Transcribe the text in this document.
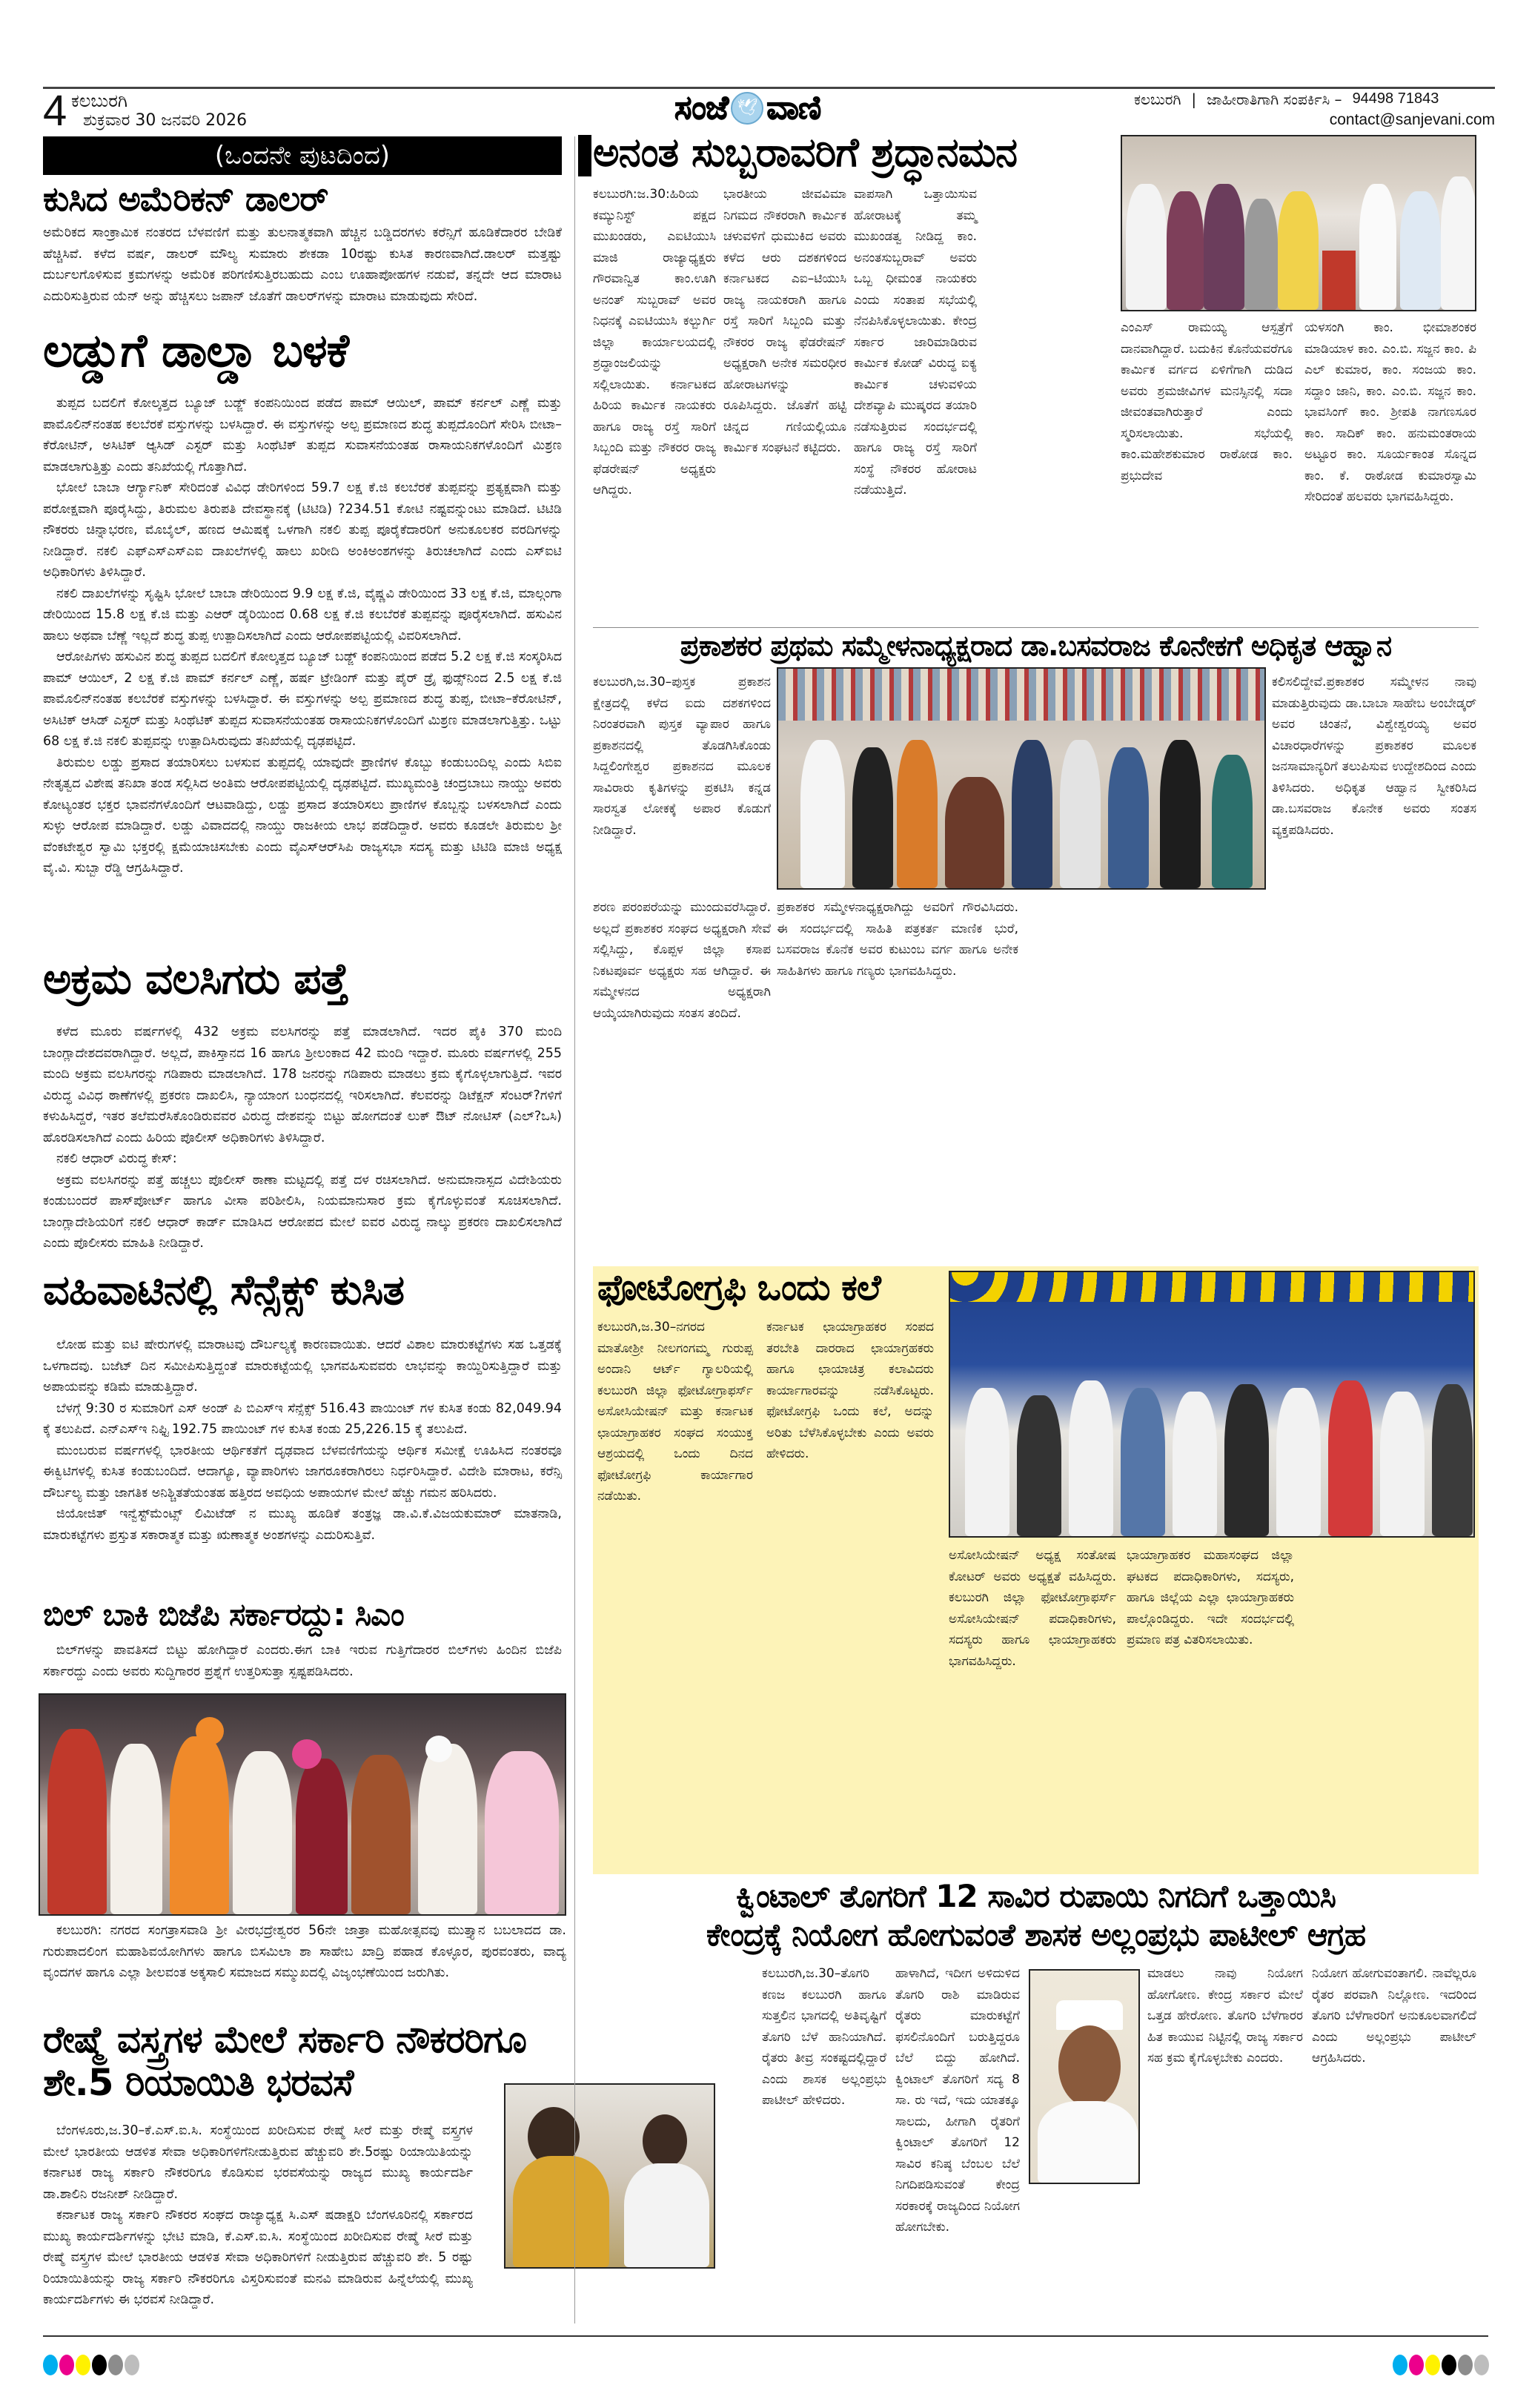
4 ಕಲಬುರಗಿ
ಶುಕ್ರವಾರ 30 ಜನವರಿ 2026	ಸಂಜೆ 🕊 ವಾಣಿ	ಕಲಬುರಗಿ | ಜಾಹೀರಾತಿಗಾಗಿ ಸಂಪರ್ಕಿಸಿ – 94498 71843
contact@sanjevani.com
(ಒಂದನೇ ಪುಟದಿಂದ)
ಕುಸಿದ ಅಮೆರಿಕನ್ ಡಾಲರ್

ಅಮೆರಿಕದ ಸಾಂಕ್ರಾಮಿಕ ನಂತರದ ಬೆಳವಣಿಗೆ ಮತ್ತು ತುಲನಾತ್ಮಕವಾಗಿ ಹೆಚ್ಚಿನ ಬಡ್ಡಿದರಗಳು ಕರೆನ್ಸಿಗೆ ಹೂಡಿಕೆದಾರರ ಬೇಡಿಕೆ ಹೆಚ್ಚಿಸಿವೆ. ಕಳೆದ ವರ್ಷ, ಡಾಲರ್ ಮೌಲ್ಯ ಸುಮಾರು ಶೇಕಡಾ 10ರಷ್ಟು ಕುಸಿತ ಕಾರಣವಾಗಿದೆ.ಡಾಲರ್ ಮತ್ತಷ್ಟು ದುರ್ಬಲಗೊಳಿಸುವ ಕ್ರಮಗಳನ್ನು ಅಮೆರಿಕ ಪರಿಗಣಿಸುತ್ತಿರಬಹುದು ಎಂಬ ಊಹಾಪೋಹಗಳ ನಡುವೆ, ತನ್ನದೇ ಆದ ಮಾರಾಟ ಎದುರಿಸುತ್ತಿರುವ ಯೆನ್ ಅನ್ನು ಹೆಚ್ಚಿಸಲು ಜಪಾನ್ ಜೊತೆಗೆ ಡಾಲರ್‌ಗಳನ್ನು ಮಾರಾಟ ಮಾಡುವುದು ಸೇರಿದೆ.

ಲಡ್ಡುಗೆ ಡಾಲ್ಡಾ ಬಳಕೆ

ತುಪ್ಪದ ಬದಲಿಗೆ ಕೋಲ್ಕತ್ತದ ಬ್ಯೂಜ್ ಬಡ್ಜ್ ಕಂಪನಿಯಿಂದ ಪಡೆದ ಪಾಮ್ ಆಯಿಲ್, ಪಾಮ್ ಕರ್ನಲ್ ಎಣ್ಣೆ ಮತ್ತು ಪಾಮೊಲಿನ್‌ನಂತಹ ಕಲಬೆರಕೆ ವಸ್ತುಗಳನ್ನು ಬಳಸಿದ್ದಾರೆ. ಈ ವಸ್ತುಗಳನ್ನು ಅಲ್ಪ ಪ್ರಮಾಣದ ಶುದ್ಧ ತುಪ್ಪದೊಂದಿಗೆ ಸೇರಿಸಿ ಬೀಟಾ–ಕೆರೋಟಿನ್, ಅಸಿಟಿಕ್ ಆ್ಯಸಿಡ್ ಎಸ್ಟರ್ ಮತ್ತು ಸಿಂಥೆಟಿಕ್ ತುಪ್ಪದ ಸುವಾಸನೆಯಂತಹ ರಾಸಾಯನಿಕಗಳೊಂದಿಗೆ ಮಿಶ್ರಣ ಮಾಡಲಾಗುತ್ತಿತ್ತು ಎಂದು ತನಿಖೆಯಲ್ಲಿ ಗೊತ್ತಾಗಿದೆ.

ಭೋಲೆ ಬಾಬಾ ಆರ್ಗ್ಯಾನಿಕ್ ಸೇರಿದಂತೆ ವಿವಿಧ ಡೇರಿಗಳಿಂದ 59.7 ಲಕ್ಷ ಕೆ.ಜಿ ಕಲಬೆರಕೆ ತುಪ್ಪವನ್ನು ಪ್ರತ್ಯಕ್ಷವಾಗಿ ಮತ್ತು ಪರೋಕ್ಷವಾಗಿ ಪೂರೈಸಿದ್ದು, ತಿರುಮಲ ತಿರುಪತಿ ದೇವಸ್ಥಾನಕ್ಕೆ (ಟಿಟಿಡಿ) ?234.51 ಕೋಟಿ ನಷ್ಟವನ್ನುಂಟು ಮಾಡಿದೆ. ಟಿಟಿಡಿ ನೌಕರರು ಚಿನ್ನಾಭರಣ, ಮೊಬೈಲ್, ಹಣದ ಆಮಿಷಕ್ಕೆ ಒಳಗಾಗಿ ನಕಲಿ ತುಪ್ಪ ಪೂರೈಕೆದಾರರಿಗೆ ಅನುಕೂಲಕರ ವರದಿಗಳನ್ನು ನೀಡಿದ್ದಾರೆ. ನಕಲಿ ಎಫ್‌ಎಸ್‌ಎಸ್‌ಎಐ ದಾಖಲೆಗಳಲ್ಲಿ ಹಾಲು ಖರೀದಿ ಅಂಕಿಅಂಶಗಳನ್ನು ತಿರುಚಲಾಗಿದೆ ಎಂದು ಎಸ್‌ಐಟಿ ಅಧಿಕಾರಿಗಳು ತಿಳಿಸಿದ್ದಾರೆ.

ನಕಲಿ ದಾಖಲೆಗಳನ್ನು ಸೃಷ್ಟಿಸಿ ಭೋಲೆ ಬಾಬಾ ಡೇರಿಯಿಂದ 9.9 ಲಕ್ಷ ಕೆ.ಜಿ, ವೈಷ್ಣವಿ ಡೇರಿಯಿಂದ 33 ಲಕ್ಷ ಕೆ.ಜಿ, ಮಾಲ್ಗಂಗಾ ಡೇರಿಯಿಂದ 15.8 ಲಕ್ಷ ಕೆ.ಜಿ ಮತ್ತು ಎಆರ್ ಡೈರಿಯಿಂದ 0.68 ಲಕ್ಷ ಕೆ.ಜಿ ಕಲಬೆರಕೆ ತುಪ್ಪವನ್ನು ಪೂರೈಸಲಾಗಿದೆ. ಹಸುವಿನ ಹಾಲು ಅಥವಾ ಬೆಣ್ಣೆ ಇಲ್ಲದೆ ಶುದ್ಧ ತುಪ್ಪ ಉತ್ಪಾದಿಸಲಾಗಿದೆ ಎಂದು ಆರೋಪಪಟ್ಟಿಯಲ್ಲಿ ವಿವರಿಸಲಾಗಿದೆ.

ಆರೋಪಿಗಳು ಹಸುವಿನ ಶುದ್ಧ ತುಪ್ಪದ ಬದಲಿಗೆ ಕೋಲ್ಕತ್ತದ ಬ್ಯೂಜ್ ಬಡ್ಜ್ ಕಂಪನಿಯಿಂದ ಪಡೆದ 5.2 ಲಕ್ಷ ಕೆ.ಜಿ ಸಂಸ್ಕರಿಸಿದ ಪಾಮ್ ಆಯಿಲ್, 2 ಲಕ್ಷ ಕೆ.ಜಿ ಪಾಮ್ ಕರ್ನಲ್ ಎಣ್ಣೆ, ಹರ್ಷ ಟ್ರೇಡಿಂಗ್ ಮತ್ತು ಪೈರ್ ಡ್ರೈ ಫುಡ್ಸ್‌ನಿಂದ 2.5 ಲಕ್ಷ ಕೆ.ಜಿ ಪಾಮೊಲಿನ್‌ನಂತಹ ಕಲಬೆರಕೆ ವಸ್ತುಗಳನ್ನು ಬಳಸಿದ್ದಾರೆ. ಈ ವಸ್ತುಗಳನ್ನು ಅಲ್ಪ ಪ್ರಮಾಣದ ಶುದ್ಧ ತುಪ್ಪ, ಬೀಟಾ–ಕೆರೋಟಿನ್, ಅಸಿಟಿಕ್ ಆಸಿಡ್ ಎಸ್ಟರ್ ಮತ್ತು ಸಿಂಥೆಟಿಕ್ ತುಪ್ಪದ ಸುವಾಸನೆಯಂತಹ ರಾಸಾಯನಿಕಗಳೊಂದಿಗೆ ಮಿಶ್ರಣ ಮಾಡಲಾಗುತ್ತಿತ್ತು. ಒಟ್ಟು 68 ಲಕ್ಷ ಕೆ.ಜಿ ನಕಲಿ ತುಪ್ಪವನ್ನು ಉತ್ಪಾದಿಸಿರುವುದು ತನಿಖೆಯಲ್ಲಿ ದೃಢಪಟ್ಟಿದೆ.

ತಿರುಮಲ ಲಡ್ಡು ಪ್ರಸಾದ ತಯಾರಿಸಲು ಬಳಸುವ ತುಪ್ಪದಲ್ಲಿ ಯಾವುದೇ ಪ್ರಾಣಿಗಳ ಕೊಬ್ಬು ಕಂಡುಬಂದಿಲ್ಲ ಎಂದು ಸಿಬಿಐ ನೇತೃತ್ವದ ವಿಶೇಷ ತನಿಖಾ ತಂಡ ಸಲ್ಲಿಸಿದ ಅಂತಿಮ ಆರೋಪಪಟ್ಟಿಯಲ್ಲಿ ದೃಢಪಟ್ಟಿದೆ. ಮುಖ್ಯಮಂತ್ರಿ ಚಂದ್ರಬಾಬು ನಾಯ್ಡು ಅವರು ಕೋಟ್ಯಂತರ ಭಕ್ತರ ಭಾವನೆಗಳೊಂದಿಗೆ ಆಟವಾಡಿದ್ದು, ಲಡ್ಡು ಪ್ರಸಾದ ತಯಾರಿಸಲು ಪ್ರಾಣಿಗಳ ಕೊಬ್ಬನ್ನು ಬಳಸಲಾಗಿದೆ ಎಂದು ಸುಳ್ಳು ಆರೋಪ ಮಾಡಿದ್ದಾರೆ. ಲಡ್ಡು ವಿವಾದದಲ್ಲಿ ನಾಯ್ಡು ರಾಜಕೀಯ ಲಾಭ ಪಡೆದಿದ್ದಾರೆ. ಅವರು ಕೂಡಲೇ ತಿರುಮಲ ಶ್ರೀ ವೆಂಕಟೇಶ್ವರ ಸ್ವಾಮಿ ಭಕ್ತರಲ್ಲಿ ಕ್ಷಮೆಯಾಚಿಸಬೇಕು ಎಂದು ವೈಎಸ್‌ಆರ್‌ಸಿಪಿ ರಾಜ್ಯಸಭಾ ಸದಸ್ಯ ಮತ್ತು ಟಿಟಿಡಿ ಮಾಜಿ ಅಧ್ಯಕ್ಷ ವೈ.ವಿ. ಸುಬ್ಬಾ ರೆಡ್ಡಿ ಆಗ್ರಹಿಸಿದ್ದಾರೆ.

ಅಕ್ರಮ ವಲಸಿಗರು ಪತ್ತೆ

ಕಳೆದ ಮೂರು ವರ್ಷಗಳಲ್ಲಿ 432 ಅಕ್ರಮ ವಲಸಿಗರನ್ನು ಪತ್ತೆ ಮಾಡಲಾಗಿದೆ. ಇದರ ಪೈಕಿ 370 ಮಂದಿ ಬಾಂಗ್ಲಾದೇಶದವರಾಗಿದ್ದಾರೆ. ಅಲ್ಲದೆ, ಪಾಕಿಸ್ತಾನದ 16 ಹಾಗೂ ಶ್ರೀಲಂಕಾದ 42 ಮಂದಿ ಇದ್ದಾರೆ. ಮೂರು ವರ್ಷಗಳಲ್ಲಿ 255 ಮಂದಿ ಅಕ್ರಮ ವಲಸಿಗರನ್ನು ಗಡಿಪಾರು ಮಾಡಲಾಗಿದೆ. 178 ಜನರನ್ನು ಗಡಿಪಾರು ಮಾಡಲು ಕ್ರಮ ಕೈಗೊಳ್ಳಲಾಗುತ್ತಿದೆ. ಇವರ ವಿರುದ್ಧ ವಿವಿಧ ಠಾಣೆಗಳಲ್ಲಿ ಪ್ರಕರಣ ದಾಖಲಿಸಿ, ನ್ಯಾಯಾಂಗ ಬಂಧನದಲ್ಲಿ ಇರಿಸಲಾಗಿದೆ. ಕೆಲವರನ್ನು ಡಿಟೆಕ್ಷನ್ ಸೆಂಟರ್?ಗಳಿಗೆ ಕಳುಹಿಸಿದ್ದರೆ, ಇತರ ತಲೆಮರೆಸಿಕೊಂಡಿರುವವರ ವಿರುದ್ಧ ದೇಶವನ್ನು ಬಿಟ್ಟು ಹೋಗದಂತೆ ಲುಕ್ ಔಟ್ ನೋಟಿಸ್ (ಎಲ್?ಒಸಿ) ಹೊರಡಿಸಲಾಗಿದೆ ಎಂದು ಹಿರಿಯ ಪೊಲೀಸ್ ಅಧಿಕಾರಿಗಳು ತಿಳಿಸಿದ್ದಾರೆ.

ನಕಲಿ ಆಧಾರ್ ವಿರುದ್ಧ ಕೇಸ್:

ಅಕ್ರಮ ವಲಸಿಗರನ್ನು ಪತ್ತೆ ಹಚ್ಚಲು ಪೊಲೀಸ್ ಠಾಣಾ ಮಟ್ಟದಲ್ಲಿ ಪತ್ತೆ ದಳ ರಚಿಸಲಾಗಿದೆ. ಅನುಮಾನಾಸ್ಪದ ವಿದೇಶಿಯರು ಕಂಡುಬಂದರೆ ಪಾಸ್‌ಪೋರ್ಟ್ ಹಾಗೂ ವೀಸಾ ಪರಿಶೀಲಿಸಿ, ನಿಯಮಾನುಸಾರ ಕ್ರಮ ಕೈಗೊಳ್ಳುವಂತೆ ಸೂಚಿಸಲಾಗಿದೆ. ಬಾಂಗ್ಲಾದೇಶಿಯರಿಗೆ ನಕಲಿ ಆಧಾರ್ ಕಾರ್ಡ್ ಮಾಡಿಸಿದ ಆರೋಪದ ಮೇಲೆ ಐವರ ವಿರುದ್ಧ ನಾಲ್ಕು ಪ್ರಕರಣ ದಾಖಲಿಸಲಾಗಿದೆ ಎಂದು ಪೊಲೀಸರು ಮಾಹಿತಿ ನೀಡಿದ್ದಾರೆ.

ವಹಿವಾಟಿನಲ್ಲಿ ಸೆನ್ಸೆಕ್ಸ್ ಕುಸಿತ

ಲೋಹ ಮತ್ತು ಐಟಿ ಷೇರುಗಳಲ್ಲಿ ಮಾರಾಟವು ದೌರ್ಬಲ್ಯಕ್ಕೆ ಕಾರಣವಾಯಿತು. ಆದರೆ ವಿಶಾಲ ಮಾರುಕಟ್ಟೆಗಳು ಸಹ ಒತ್ತಡಕ್ಕೆ ಒಳಗಾದವು. ಬಜೆಟ್ ದಿನ ಸಮೀಪಿಸುತ್ತಿದ್ದಂತೆ ಮಾರುಕಟ್ಟೆಯಲ್ಲಿ ಭಾಗವಹಿಸುವವರು ಲಾಭವನ್ನು ಕಾಯ್ದಿರಿಸುತ್ತಿದ್ದಾರೆ ಮತ್ತು ಅಪಾಯವನ್ನು ಕಡಿಮೆ ಮಾಡುತ್ತಿದ್ದಾರೆ.

ಬೆಳಗ್ಗೆ 9:30 ರ ಸುಮಾರಿಗೆ ಎಸ್ ಅಂಡ್ ಪಿ ಬಿಎಸ್‌ಇ ಸೆನ್ಸೆಕ್ಸ್ 516.43 ಪಾಯಿಂಟ್ ಗಳ ಕುಸಿತ ಕಂಡು 82,049.94 ಕ್ಕೆ ತಲುಪಿದೆ. ಎನ್‌ಎಸ್‌ಇ ನಿಫ್ಟಿ 192.75 ಪಾಯಿಂಟ್ ಗಳ ಕುಸಿತ ಕಂಡು 25,226.15 ಕ್ಕೆ ತಲುಪಿದೆ.

ಮುಂಬರುವ ವರ್ಷಗಳಲ್ಲಿ ಭಾರತೀಯ ಆರ್ಥಿಕತೆಗೆ ದೃಢವಾದ ಬೆಳವಣಿಗೆಯನ್ನು ಆರ್ಥಿಕ ಸಮೀಕ್ಷೆ ಊಹಿಸಿದ ನಂತರವೂ ಈಕ್ವಿಟಿಗಳಲ್ಲಿ ಕುಸಿತ ಕಂಡುಬಂದಿದೆ. ಆದಾಗ್ಯೂ, ವ್ಯಾಪಾರಿಗಳು ಜಾಗರೂಕರಾಗಿರಲು ನಿರ್ಧರಿಸಿದ್ದಾರೆ. ವಿದೇಶಿ ಮಾರಾಟ, ಕರೆನ್ಸಿ ದೌರ್ಬಲ್ಯ ಮತ್ತು ಜಾಗತಿಕ ಅನಿಶ್ಚಿತತೆಯಂತಹ ಹತ್ತಿರದ ಅವಧಿಯ ಅಪಾಯಗಳ ಮೇಲೆ ಹೆಚ್ಚು ಗಮನ ಹರಿಸಿದರು.

ಜಿಯೋಜಿತ್ ಇನ್ವೆಸ್ಟ್‌ಮೆಂಟ್ಸ್ ಲಿಮಿಟೆಡ್ ನ ಮುಖ್ಯ ಹೂಡಿಕೆ ತಂತ್ರಜ್ಞ ಡಾ.ವಿ.ಕೆ.ವಿಜಯಕುಮಾರ್ ಮಾತನಾಡಿ, ಮಾರುಕಟ್ಟೆಗಳು ಪ್ರಸ್ತುತ ಸಕಾರಾತ್ಮಕ ಮತ್ತು ಋಣಾತ್ಮಕ ಅಂಶಗಳನ್ನು ಎದುರಿಸುತ್ತಿವೆ.

ಬಿಲ್ ಬಾಕಿ ಬಿಜೆಪಿ ಸರ್ಕಾರದ್ದು: ಸಿಎಂ

ಬಿಲ್‌ಗಳನ್ನು ಪಾವತಿಸದೆ ಬಿಟ್ಟು ಹೋಗಿದ್ದಾರೆ ಎಂದರು.ಈಗ ಬಾಕಿ ಇರುವ ಗುತ್ತಿಗೆದಾರರ ಬಿಲ್‌ಗಳು ಹಿಂದಿನ ಬಿಜೆಪಿ ಸರ್ಕಾರದ್ದು ಎಂದು ಅವರು ಸುದ್ದಿಗಾರರ ಪ್ರಶ್ನೆಗೆ ಉತ್ತರಿಸುತ್ತಾ ಸ್ಪಷ್ಟಪಡಿಸಿದರು.

ಕಲಬುರಗಿ: ನಗರದ ಸಂಗತ್ರಾಸವಾಡಿ ಶ್ರೀ ವೀರಭದ್ರೇಶ್ವರರ 56ನೇ ಜಾತ್ರಾ ಮಹೋತ್ಸವವು ಮುತ್ತ್ಯಾನ ಬಬಲಾದದ ಡಾ. ಗುರುಪಾದಲಿಂಗ ಮಹಾಶಿವಯೋಗಿಗಳು ಹಾಗೂ ಬಿಸಮಿಲಾ ಶಾ ಸಾಹೇಬ ಖಾದ್ರಿ ಪಹಾಡ ಕೊಳ್ಳೂರ, ಪುರವಂತರು, ವಾದ್ಯ ವೃಂದಗಳ ಹಾಗೂ ಎಲ್ಲಾ ಶೀಲವಂತ ಅಕ್ಕಸಾಲಿ ಸಮಾಜದ ಸಮ್ಮುಖದಲ್ಲಿ ವಿಜೃಂಭಣೆಯಿಂದ ಜರುಗಿತು.

ರೇಷ್ಮೆ ವಸ್ತ್ರಗಳ ಮೇಲೆ ಸರ್ಕಾರಿ ನೌಕರರಿಗೂ ಶೇ.5 ರಿಯಾಯಿತಿ ಭರವಸೆ

ಬೆಂಗಳೂರು,ಜ.30–ಕೆ.ಎಸ್.ಐ.ಸಿ. ಸಂಸ್ಥೆಯಿಂದ ಖರೀದಿಸುವ ರೇಷ್ಮೆ ಸೀರೆ ಮತ್ತು ರೇಷ್ಮೆ ವಸ್ತ್ರಗಳ ಮೇಲೆ ಭಾರತೀಯ ಆಡಳಿತ ಸೇವಾ ಅಧಿಕಾರಿಗಳಿಗೆನೀಡುತ್ತಿರುವ ಹೆಚ್ಚುವರಿ ಶೇ.5ರಷ್ಟು ರಿಯಾಯಿತಿಯನ್ನು ಕರ್ನಾಟಕ ರಾಜ್ಯ ಸರ್ಕಾರಿ ನೌಕರರಿಗೂ ಕೊಡಿಸುವ ಭರವಸೆಯನ್ನು ರಾಜ್ಯದ ಮುಖ್ಯ ಕಾರ್ಯದರ್ಶಿ ಡಾ.ಶಾಲಿನಿ ರಜನೀಶ್ ನೀಡಿದ್ದಾರೆ.

ಕರ್ನಾಟಕ ರಾಜ್ಯ ಸರ್ಕಾರಿ ನೌಕರರ ಸಂಘದ ರಾಜ್ಯಾಧ್ಯಕ್ಷ ಸಿ.ಎಸ್ ಷಡಾಕ್ಷರಿ ಬೆಂಗಳೂರಿನಲ್ಲಿ ಸರ್ಕಾರದ ಮುಖ್ಯ ಕಾರ್ಯದರ್ಶಿಗಳನ್ನು ಭೇಟಿ ಮಾಡಿ, ಕೆ.ಎಸ್.ಐ.ಸಿ. ಸಂಸ್ಥೆಯಿಂದ ಖರೀದಿಸುವ ರೇಷ್ಮೆ ಸೀರೆ ಮತ್ತು ರೇಷ್ಮೆ ವಸ್ತ್ರಗಳ ಮೇಲೆ ಭಾರತೀಯ ಆಡಳಿತ ಸೇವಾ ಅಧಿಕಾರಿಗಳಿಗೆ ನೀಡುತ್ತಿರುವ ಹೆಚ್ಚುವರಿ ಶೇ. 5 ರಷ್ಟು ರಿಯಾಯಿತಿಯನ್ನು ರಾಜ್ಯ ಸರ್ಕಾರಿ ನೌಕರರಿಗೂ ವಿಸ್ತರಿಸುವಂತೆ ಮನವಿ ಮಾಡಿರುವ ಹಿನ್ನೆಲೆಯಲ್ಲಿ ಮುಖ್ಯ ಕಾರ್ಯದರ್ಶಿಗಳು ಈ ಭರವಸೆ ನೀಡಿದ್ದಾರೆ.

ಅನಂತ ಸುಬ್ಬರಾವರಿಗೆ ಶ್ರದ್ಧಾನಮನ

ಕಲಬುರಗಿ:ಜ.30:ಹಿರಿಯ ಕಮ್ಯುನಿಸ್ಟ್ ಪಕ್ಷದ ಮುಖಂಡರು, ಎಐಟಿಯುಸಿ ಮಾಜಿ ರಾಜ್ಯಾಧ್ಯಕ್ಷರು ಗೌರವಾನ್ವಿತ ಕಾಂ.ಊಗಿ ಅನಂತ್ ಸುಬ್ಬರಾವ್ ಅವರ ನಿಧನಕ್ಕೆ ಎಐಟಿಯುಸಿ ಕಲ್ಬುರ್ಗಿ ಜಿಲ್ಲಾ ಕಾರ್ಯಾಲಯದಲ್ಲಿ ಶ್ರದ್ಧಾಂಜಲಿಯನ್ನು ಸಲ್ಲಿಲಾಯಿತು. ಕರ್ನಾಟಕದ ಹಿರಿಯ ಕಾರ್ಮಿಕ ನಾಯಕರು ಹಾಗೂ ರಾಜ್ಯ ರಸ್ತೆ ಸಾರಿಗೆ ಸಿಬ್ಬಂದಿ ಮತ್ತು ನೌಕರರ ರಾಜ್ಯ ಫೆಡರೇಷನ್ ಅಧ್ಯಕ್ಷರು ಆಗಿದ್ದರು.

ಭಾರತೀಯ ಜೀವವಿಮಾ ನಿಗಮದ ನೌಕರರಾಗಿ ಕಾರ್ಮಿಕ ಚಳುವಳಿಗೆ ಧುಮುಕಿದ ಅವರು ಕಳೆದ ಆರು ದಶಕಗಳಿಂದ ಕರ್ನಾಟಕದ ಎಐ–ಟಿಯುಸಿ ರಾಜ್ಯ ನಾಯಕರಾಗಿ ಹಾಗೂ ರಸ್ತೆ ಸಾರಿಗೆ ಸಿಬ್ಬಂದಿ ಮತ್ತು ನೌಕರರ ರಾಜ್ಯ ಫೆಡರೇಷನ್ ಅಧ್ಯಕ್ಷರಾಗಿ ಅನೇಕ ಸಮರಧೀರ ಹೋರಾಟಗಳನ್ನು ರೂಪಿಸಿದ್ದರು. ಜೊತೆಗೆ ಹಟ್ಟಿ ಚಿನ್ನದ ಗಣಿಯಲ್ಲಿಯೂ ಕಾರ್ಮಿಕ ಸಂಘಟನೆ ಕಟ್ಟಿದರು.

ವಾಪಸಾಗಿ ಒತ್ತಾಯಿಸುವ ಹೋರಾಟಕ್ಕೆ ತಮ್ಮ ಮುಖಂಡತ್ವ ನೀಡಿದ್ದ ಕಾಂ. ಅನಂತಸುಬ್ಬರಾವ್ ಅವರು ಒಬ್ಬ ಧೀಮಂತ ನಾಯಕರು ಎಂದು ಸಂತಾಪ ಸಭೆಯಲ್ಲಿ ನೆನಪಿಸಿಕೊಳ್ಳಲಾಯಿತು. ಕೇಂದ್ರ ಸರ್ಕಾರ ಜಾರಿಮಾಡಿರುವ ಕಾರ್ಮಿಕ ಕೋಡ್ ವಿರುದ್ಧ ಐಕ್ಯ ಕಾರ್ಮಿಕ ಚಳುವಳಿಯ ದೇಶವ್ಯಾಪಿ ಮುಷ್ಕರದ ತಯಾರಿ ನಡೆಸುತ್ತಿರುವ ಸಂದರ್ಭದಲ್ಲಿ ಹಾಗೂ ರಾಜ್ಯ ರಸ್ತೆ ಸಾರಿಗೆ ಸಂಸ್ಥೆ ನೌಕರರ ಹೋರಾಟ ನಡೆಯುತ್ತಿದೆ.

ಎಂಎಸ್ ರಾಮಯ್ಯ ಆಸ್ಪತ್ರೆಗೆ ದಾನವಾಗಿದ್ದಾರೆ. ಬದುಕಿನ ಕೊನೆಯವರೆಗೂ ಕಾರ್ಮಿಕ ವರ್ಗದ ಏಳಿಗೆಗಾಗಿ ದುಡಿದ ಅವರು ಶ್ರಮಜೀವಿಗಳ ಮನಸ್ಸಿನಲ್ಲಿ ಸದಾ ಜೀವಂತವಾಗಿರುತ್ತಾರೆ ಎಂದು ಸ್ಮರಿಸಲಾಯಿತು. ಸಭೆಯಲ್ಲಿ ಕಾಂ.ಮಹೇಶಕುಮಾರ ರಾಠೋಡ ಕಾಂ. ಪ್ರಭುದೇವ

ಯಳಸಂಗಿ ಕಾಂ. ಭೀಮಾಶಂಕರ ಮಾಡಿಯಾಳ ಕಾಂ. ಎಂ.ಬಿ. ಸಜ್ಜನ ಕಾಂ. ಪಿ ಎಲ್ ಕುಮಾರ, ಕಾಂ. ಸಂಜಯ ಕಾಂ. ಸದ್ದಾಂ ಜಾನಿ, ಕಾಂ. ಎಂ.ಬಿ. ಸಜ್ಜನ ಕಾಂ. ಭಾವಸಿಂಗ್ ಕಾಂ. ಶ್ರೀಪತಿ ನಾಗಣಸೂರ ಕಾಂ. ಸಾದಿಕ್ ಕಾಂ. ಹನುಮಂತರಾಯ ಅಟ್ಟೂರ ಕಾಂ. ಸೂರ್ಯಕಾಂತ ಸೊನ್ನದ ಕಾಂ. ಕೆ. ರಾಠೋಡ ಕುಮಾರಸ್ವಾಮಿ ಸೇರಿದಂತೆ ಹಲವರು ಭಾಗವಹಿಸಿದ್ದರು.

ಪ್ರಕಾಶಕರ ಪ್ರಥಮ ಸಮ್ಮೇಳನಾಧ್ಯಕ್ಷರಾದ ಡಾ.ಬಸವರಾಜ ಕೊನೇಕಗೆ ಅಧಿಕೃತ ಆಹ್ವಾನ

ಕಲಬುರಗಿ,ಜ.30–ಪುಸ್ತಕ ಪ್ರಕಾಶನ ಕ್ಷೇತ್ರದಲ್ಲಿ ಕಳೆದ ಐದು ದಶಕಗಳಿಂದ ನಿರಂತರವಾಗಿ ಪುಸ್ತಕ ವ್ಯಾಪಾರ ಹಾಗೂ ಪ್ರಕಾಶನದಲ್ಲಿ ತೊಡಗಿಸಿಕೊಂಡು ಸಿದ್ದಲಿಂಗೇಶ್ವರ ಪ್ರಕಾಶನದ ಮೂಲಕ ಸಾವಿರಾರು ಕೃತಿಗಳನ್ನು ಪ್ರಕಟಿಸಿ ಕನ್ನಡ ಸಾರಸ್ವತ ಲೋಕಕ್ಕೆ ಅಪಾರ ಕೊಡುಗೆ ನೀಡಿದ್ದಾರೆ.

ಕಲಿಸಲಿದ್ದೇವೆ.ಪ್ರಕಾಶಕರ ಸಮ್ಮೇಳನ ನಾವು ಮಾಡುತ್ತಿರುವುದು ಡಾ.ಬಾಬಾ ಸಾಹೇಬ ಅಂಬೇಡ್ಕರ್ ಅವರ ಚಿಂತನೆ, ವಿಶ್ವೇಶ್ವರಯ್ಯ ಅವರ ವಿಚಾರಧಾರೆಗಳನ್ನು ಪ್ರಕಾಶಕರ ಮೂಲಕ ಜನಸಾಮಾನ್ಯರಿಗೆ ತಲುಪಿಸುವ ಉದ್ದೇಶದಿಂದ ಎಂದು ತಿಳಿಸಿದರು. ಅಧಿಕೃತ ಆಹ್ವಾನ ಸ್ವೀಕರಿಸಿದ ಡಾ.ಬಸವರಾಜ ಕೊನೇಕ ಅವರು ಸಂತಸ ವ್ಯಕ್ತಪಡಿಸಿದರು.

ಶರಣ ಪರಂಪರೆಯನ್ನು ಮುಂದುವರೆಸಿದ್ದಾರೆ. ಅಲ್ಲದೆ ಪ್ರಕಾಶಕರ ಸಂಘದ ಅಧ್ಯಕ್ಷರಾಗಿ ಸೇವೆ ಸಲ್ಲಿಸಿದ್ದು, ಕೊಪ್ಪಳ ಜಿಲ್ಲಾ ಕಸಾಪ ನಿಕಟಪೂರ್ವ ಅಧ್ಯಕ್ಷರು ಸಹ ಆಗಿದ್ದಾರೆ. ಈ ಸಮ್ಮೇಳನದ ಅಧ್ಯಕ್ಷರಾಗಿ ಆಯ್ಕೆಯಾಗಿರುವುದು ಸಂತಸ ತಂದಿದೆ.

ಪ್ರಕಾಶಕರ ಸಮ್ಮೇಳನಾಧ್ಯಕ್ಷರಾಗಿದ್ದು ಅವರಿಗೆ ಗೌರವಿಸಿದರು. ಈ ಸಂದರ್ಭದಲ್ಲಿ ಸಾಹಿತಿ ಪತ್ರಕರ್ತ ಮಾಣಿಕ ಭುರೆ, ಬಸವರಾಜ ಕೊನೆಕ ಅವರ ಕುಟುಂಬ ವರ್ಗ ಹಾಗೂ ಅನೇಕ ಸಾಹಿತಿಗಳು ಹಾಗೂ ಗಣ್ಯರು ಭಾಗವಹಿಸಿದ್ದರು.

ಫೋಟೋಗ್ರಫಿ ಒಂದು ಕಲೆ

ಕಲಬುರಗಿ,ಜ.30–ನಗರದ ಮಾತೋಶ್ರೀ ನೀಲಗಂಗಮ್ಮ ಗುರುಪ್ಪ ಅಂದಾನಿ ಆರ್ಟ್ ಗ್ಯಾಲರಿಯಲ್ಲಿ ಕಲಬುರಗಿ ಜಿಲ್ಲಾ ಫೋಟೋಗ್ರಾಫರ್ಸ್ ಅಸೋಸಿಯೇಷನ್ ಮತ್ತು ಕರ್ನಾಟಕ ಛಾಯಾಗ್ರಾಹಕರ ಸಂಘದ ಸಂಯುಕ್ತ ಆಶ್ರಯದಲ್ಲಿ ಒಂದು ದಿನದ ಫೋಟೋಗ್ರಫಿ ಕಾರ್ಯಾಗಾರ ನಡೆಯಿತು.

ಕರ್ನಾಟಕ ಛಾಯಾಗ್ರಾಹಕರ ಸಂಪದ ತರಬೇತಿ ದಾರರಾದ ಛಾಯಾಗ್ರಹಕರು ಹಾಗೂ ಛಾಯಾಚಿತ್ರ ಕಲಾವಿದರು ಕಾರ್ಯಾಗಾರವನ್ನು ನಡೆಸಿಕೊಟ್ಟರು. ಫೋಟೋಗ್ರಫಿ ಒಂದು ಕಲೆ, ಅದನ್ನು ಅರಿತು ಬೆಳೆಸಿಕೊಳ್ಳಬೇಕು ಎಂದು ಅವರು ಹೇಳಿದರು.

ಅಸೋಸಿಯೇಷನ್ ಅಧ್ಯಕ್ಷ ಸಂತೋಷ ಕೋಟರ್ ಅವರು ಅಧ್ಯಕ್ಷತೆ ವಹಿಸಿದ್ದರು. ಕಲಬುರಗಿ ಜಿಲ್ಲಾ ಫೋಟೋಗ್ರಾಫರ್ಸ್ ಅಸೋಸಿಯೇಷನ್ ಪದಾಧಿಕಾರಿಗಳು, ಸದಸ್ಯರು ಹಾಗೂ ಛಾಯಾಗ್ರಾಹಕರು ಭಾಗವಹಿಸಿದ್ದರು.

ಭಾಯಾಗ್ರಾಹಕರ ಮಹಾಸಂಘದ ಜಿಲ್ಲಾ ಘಟಕದ ಪದಾಧಿಕಾರಿಗಳು, ಸದಸ್ಯರು, ಹಾಗೂ ಜಿಲ್ಲೆಯ ಎಲ್ಲಾ ಛಾಯಾಗ್ರಾಹಕರು ಪಾಲ್ಗೊಂಡಿದ್ದರು. ಇದೇ ಸಂದರ್ಭದಲ್ಲಿ ಪ್ರಮಾಣ ಪತ್ರ ವಿತರಿಸಲಾಯಿತು.

ಕ್ವಿಂಟಾಲ್ ತೊಗರಿಗೆ 12 ಸಾವಿರ ರುಪಾಯಿ ನಿಗದಿಗೆ ಒತ್ತಾಯಿಸಿ
ಕೇಂದ್ರಕ್ಕೆ ನಿಯೋಗ ಹೋಗುವಂತೆ ಶಾಸಕ ಅಲ್ಲಂಪ್ರಭು ಪಾಟೀಲ್ ಆಗ್ರಹ

ಕಲಬುರಗಿ,ಜ.30–ತೊಗರಿ ಕಣಜ ಕಲಬುರಗಿ ಹಾಗೂ ಸುತ್ತಲಿನ ಭಾಗದಲ್ಲಿ ಅತಿವೃಷ್ಟಿಗೆ ತೊಗರಿ ಬೆಳೆ ಹಾನಿಯಾಗಿದೆ. ರೈತರು ತೀವ್ರ ಸಂಕಷ್ಟದಲ್ಲಿದ್ದಾರೆ ಎಂದು ಶಾಸಕ ಅಲ್ಲಂಪ್ರಭು ಪಾಟೀಲ್ ಹೇಳಿದರು.

ಹಾಳಾಗಿದೆ, ಇದೀಗ ಅಳಿದುಳಿದ ತೊಗರಿ ರಾಶಿ ಮಾಡಿರುವ ರೈತರು ಮಾರುಕಟ್ಟೆಗೆ ಫಸಲಿನೊಂದಿಗೆ ಬರುತ್ತಿದ್ದರೂ ಬೆಲೆ ಬಿದ್ದು ಹೋಗಿದೆ. ಕ್ವಿಂಟಾಲ್ ತೊಗರಿಗೆ ಸದ್ಯ 8 ಸಾ. ರು ಇದೆ, ಇದು ಯಾತಕ್ಕೂ ಸಾಲದು, ಹೀಗಾಗಿ ರೈತರಿಗೆ ಕ್ವಿಂಟಾಲ್ ತೊಗರಿಗೆ 12 ಸಾವಿರ ಕನಿಷ್ಠ ಬೆಂಬಲ ಬೆಲೆ ನಿಗದಿಪಡಿಸುವಂತೆ ಕೇಂದ್ರ ಸರಕಾರಕ್ಕೆ ರಾಜ್ಯದಿಂದ ನಿಯೋಗ ಹೋಗಬೇಕು.

ಮಾಡಲು ನಾವು ನಿಯೋಗ ಹೋಗೋಣ. ಕೇಂದ್ರ ಸರ್ಕಾರ ಮೇಲೆ ಒತ್ತಡ ಹೇರೋಣ. ತೊಗರಿ ಬೆಳೆಗಾರರ ಹಿತ ಕಾಯುವ ನಿಟ್ಟಿನಲ್ಲಿ ರಾಜ್ಯ ಸರ್ಕಾರ ಸಹ ಕ್ರಮ ಕೈಗೊಳ್ಳಬೇಕು ಎಂದರು.

ನಿಯೋಗ ಹೋಗುವಂತಾಗಲಿ. ನಾವೆಲ್ಲರೂ ರೈತರ ಪರವಾಗಿ ನಿಲ್ಲೋಣ. ಇದರಿಂದ ತೊಗರಿ ಬೆಳೆಗಾರರಿಗೆ ಅನುಕೂಲವಾಗಲಿದೆ ಎಂದು ಅಲ್ಲಂಪ್ರಭು ಪಾಟೀಲ್ ಆಗ್ರಹಿಸಿದರು.
